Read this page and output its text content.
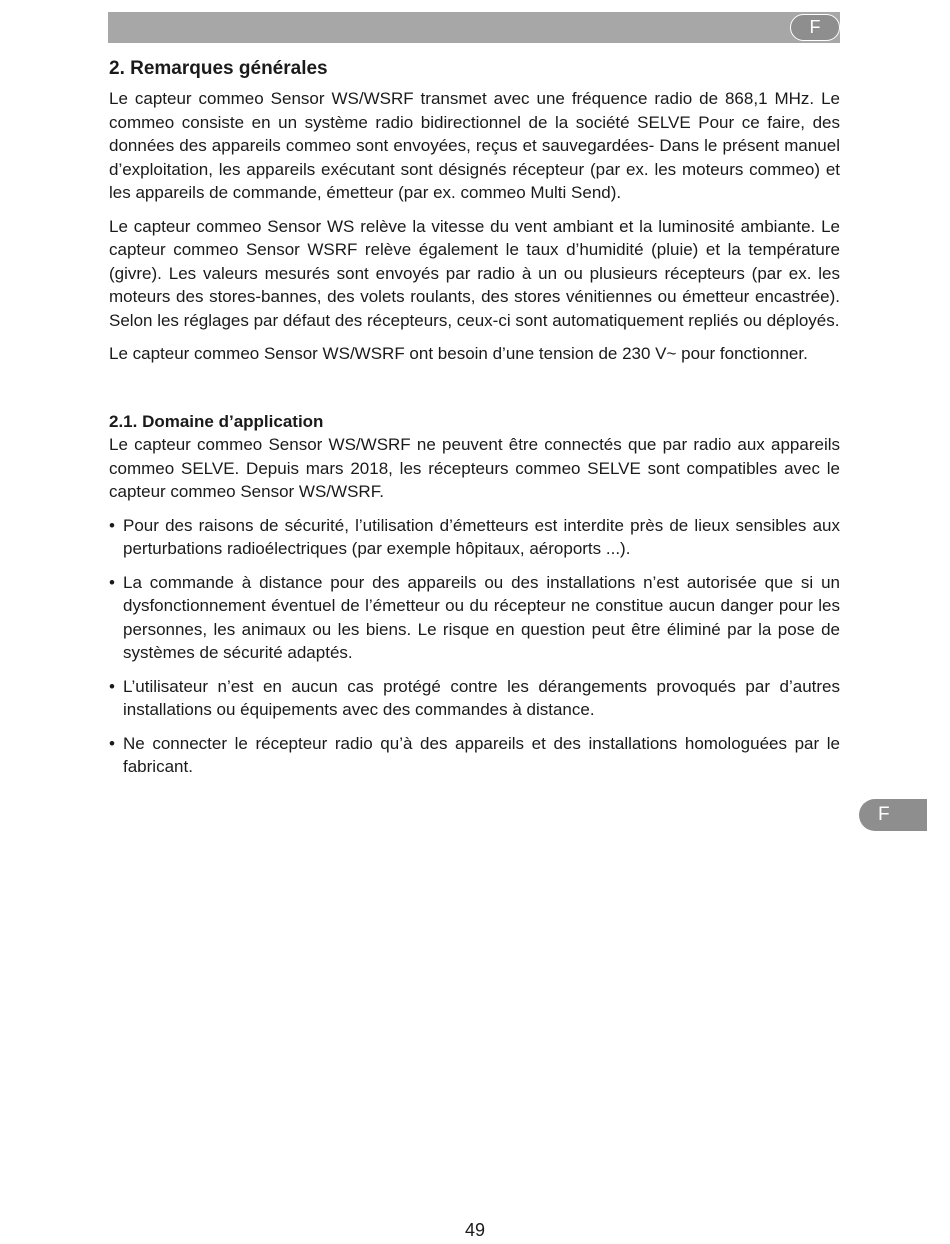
F
F
2. Remarques générales

Le capteur commeo Sensor WS/WSRF transmet avec une fréquence radio de 868,1 MHz. Le commeo consiste en un système radio bidirectionnel de la société SELVE Pour ce faire, des données des appareils commeo sont envoyées, reçus et sauvegardées- Dans le présent manuel d’exploitation, les appareils exécutant sont désignés récepteur (par ex. les moteurs commeo) et les appareils de commande, émetteur (par ex. commeo Multi Send).

Le capteur commeo Sensor WS relève la vitesse du vent ambiant et la luminosité ambiante. Le capteur commeo Sensor WSRF relève également le taux d’humidité (pluie) et la température (givre). Les valeurs mesurés sont envoyés par radio à un ou plusieurs récepteurs (par ex. les moteurs des stores-bannes, des volets roulants, des stores vénitiennes ou émetteur encastrée). Selon les réglages par défaut des récepteurs, ceux-ci sont automatiquement repliés ou déployés.

Le capteur commeo Sensor WS/WSRF ont besoin d’une tension de 230 V~ pour fonctionner.

2.1. Domaine d’application

Le capteur commeo Sensor WS/WSRF ne peuvent être connectés que par radio aux appareils commeo SELVE. Depuis mars 2018, les récepteurs commeo SELVE sont compatibles avec le capteur commeo Sensor WS/WSRF.

• Pour des raisons de sécurité, l’utilisation d’émetteurs est interdite près de lieux sensibles aux perturbations radioélectriques (par exemple hôpitaux, aéroports ...).
• La commande à distance pour des appareils ou des installations n’est autorisée que si un dysfonctionnement éventuel de l’émetteur ou du récepteur ne constitue aucun danger pour les personnes, les animaux ou les biens. Le risque en question peut être éliminé par la pose de systèmes de sécurité adaptés.
• L’utilisateur n’est en aucun cas protégé contre les dérangements provoqués par d’autres installations ou équipements avec des commandes à distance.
• Ne connecter le récepteur radio qu’à des appareils et des installations homologuées par le fabricant.
49
